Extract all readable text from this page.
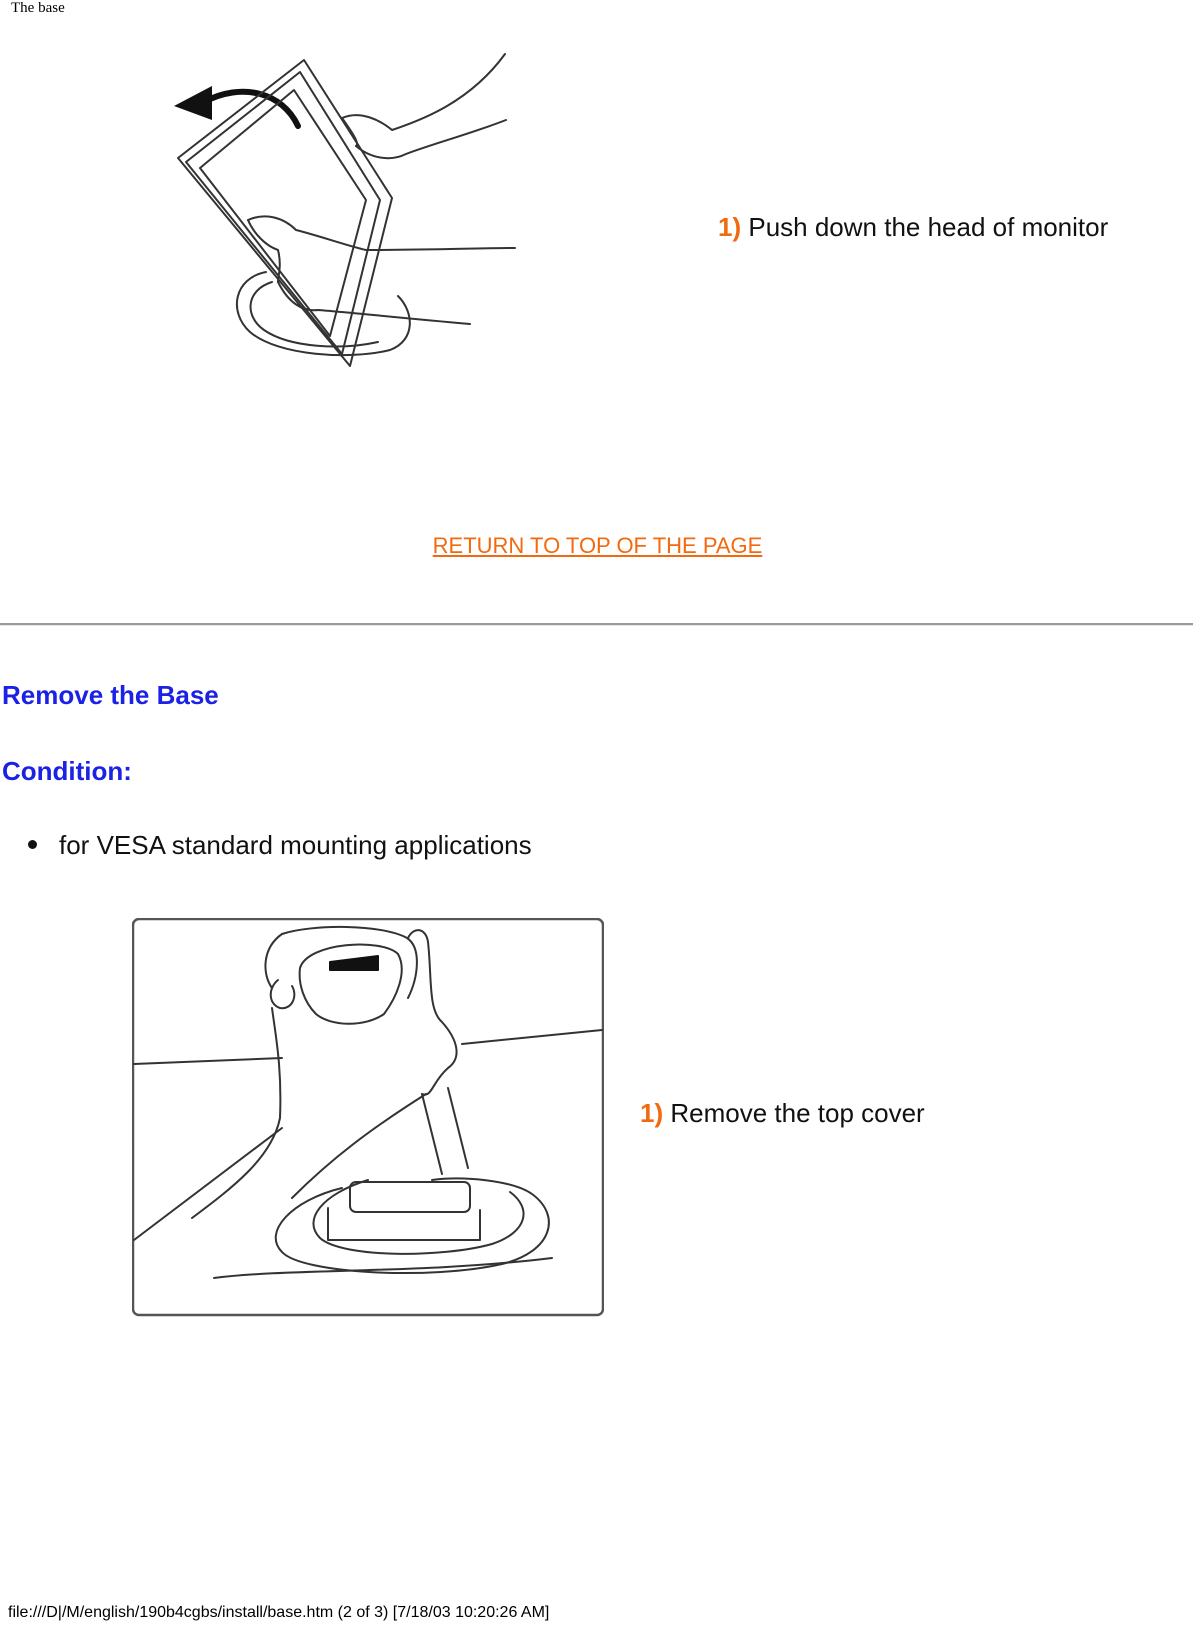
The base
1) Push down the head of monitor
RETURN TO TOP OF THE PAGE
Remove the Base
Condition:
for VESA standard mounting applications
1) Remove the top cover
file:///D|/M/english/190b4cgbs/install/base.htm (2 of 3) [7/18/03 10:20:26 AM]
